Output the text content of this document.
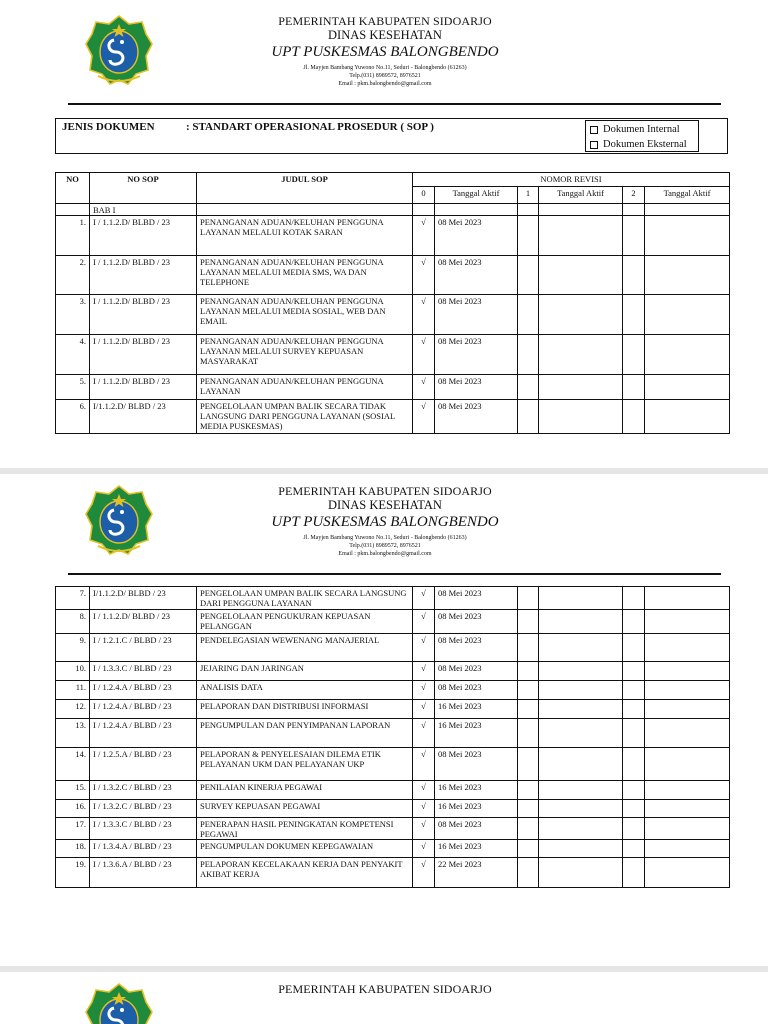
PEMERINTAH KABUPATEN SIDOARJO
DINAS KESEHATAN
UPT PUSKESMAS BALONGBENDO
Jl. Mayjen Bambang Yuwono No.11, Seduri - Balongbendo (61263)
Telp.(031) 8989572, 8976521
Email : pkm.balongbendo@gmail.com
JENIS DOKUMEN	: STANDART OPERASIONAL PROSEDUR ( SOP )	Dokumen Internal
Dokumen Eksternal
NO	NO SOP	JUDUL SOP	NOMOR REVISI					
			0	Tanggal Aktif	1	Tanggal Aktif	2	Tanggal Aktif
	BAB I							
1.	I / 1.1.2.D/ BLBD / 23	PENANGANAN ADUAN/KELUHAN PENGGUNA LAYANAN MELALUI KOTAK SARAN	√	08 Mei 2023				
2.	I / 1.1.2.D/ BLBD / 23	PENANGANAN ADUAN/KELUHAN PENGGUNA LAYANAN MELALUI MEDIA SMS, WA DAN TELEPHONE	√	08 Mei 2023				
3.	I / 1.1.2.D/ BLBD / 23	PENANGANAN ADUAN/KELUHAN PENGGUNA LAYANAN MELALUI MEDIA SOSIAL, WEB DAN EMAIL	√	08 Mei 2023				
4.	I / 1.1.2.D/ BLBD / 23	PENANGANAN ADUAN/KELUHAN PENGGUNA LAYANAN MELALUI SURVEY KEPUASAN MASYARAKAT	√	08 Mei 2023				
5.	I / 1.1.2.D/ BLBD / 23	PENANGANAN ADUAN/KELUHAN PENGGUNA LAYANAN	√	08 Mei 2023				
6.	I/1.1.2.D/ BLBD / 23	PENGELOLAAN UMPAN BALIK SECARA TIDAK LANGSUNG DARI PENGGUNA LAYANAN (SOSIAL MEDIA PUSKESMAS)	√	08 Mei 2023				
PEMERINTAH KABUPATEN SIDOARJO
DINAS KESEHATAN
UPT PUSKESMAS BALONGBENDO
Jl. Mayjen Bambang Yuwono No.11, Seduri - Balongbendo (61263)
Telp.(031) 8989572, 8976521
Email : pkm.balongbendo@gmail.com
7.	I/1.1.2.D/ BLBD / 23	PENGELOLAAN UMPAN BALIK SECARA LANGSUNG DARI PENGGUNA LAYANAN	√	08 Mei 2023				
8.	I / 1.1.2.D/ BLBD / 23	PENGELOLAAN PENGUKURAN KEPUASAN PELANGGAN	√	08 Mei 2023				
9.	I / 1.2.1.C / BLBD / 23	PENDELEGASIAN WEWENANG MANAJERIAL	√	08 Mei 2023				
10.	I / 1.3.3.C / BLBD / 23	JEJARING DAN JARINGAN	√	08 Mei 2023				
11.	I / 1.2.4.A / BLBD / 23	ANALISIS DATA	√	08 Mei 2023				
12.	I / 1.2.4.A / BLBD / 23	PELAPORAN DAN DISTRIBUSI INFORMASI	√	16 Mei 2023				
13.	I / 1.2.4.A / BLBD / 23	PENGUMPULAN DAN PENYIMPANAN LAPORAN	√	16 Mei 2023				
14.	I / 1.2.5.A / BLBD / 23	PELAPORAN & PENYELESAIAN DILEMA ETIK PELAYANAN UKM DAN PELAYANAN UKP	√	08 Mei 2023				
15.	I / 1.3.2.C / BLBD / 23	PENILAIAN KINERJA PEGAWAI	√	16 Mei 2023				
16.	I / 1.3.2.C / BLBD / 23	SURVEY KEPUASAN PEGAWAI	√	16 Mei 2023				
17.	I / 1.3.3.C / BLBD / 23	PENERAPAN HASIL PENINGKATAN KOMPETENSI PEGAWAI	√	08 Mei 2023				
18.	I / 1.3.4.A / BLBD / 23	PENGUMPULAN DOKUMEN KEPEGAWAIAN	√	16 Mei 2023				
19.	I / 1.3.6.A / BLBD / 23	PELAPORAN KECELAKAAN KERJA DAN PENYAKIT AKIBAT KERJA	√	22 Mei 2023				
PEMERINTAH KABUPATEN SIDOARJO
